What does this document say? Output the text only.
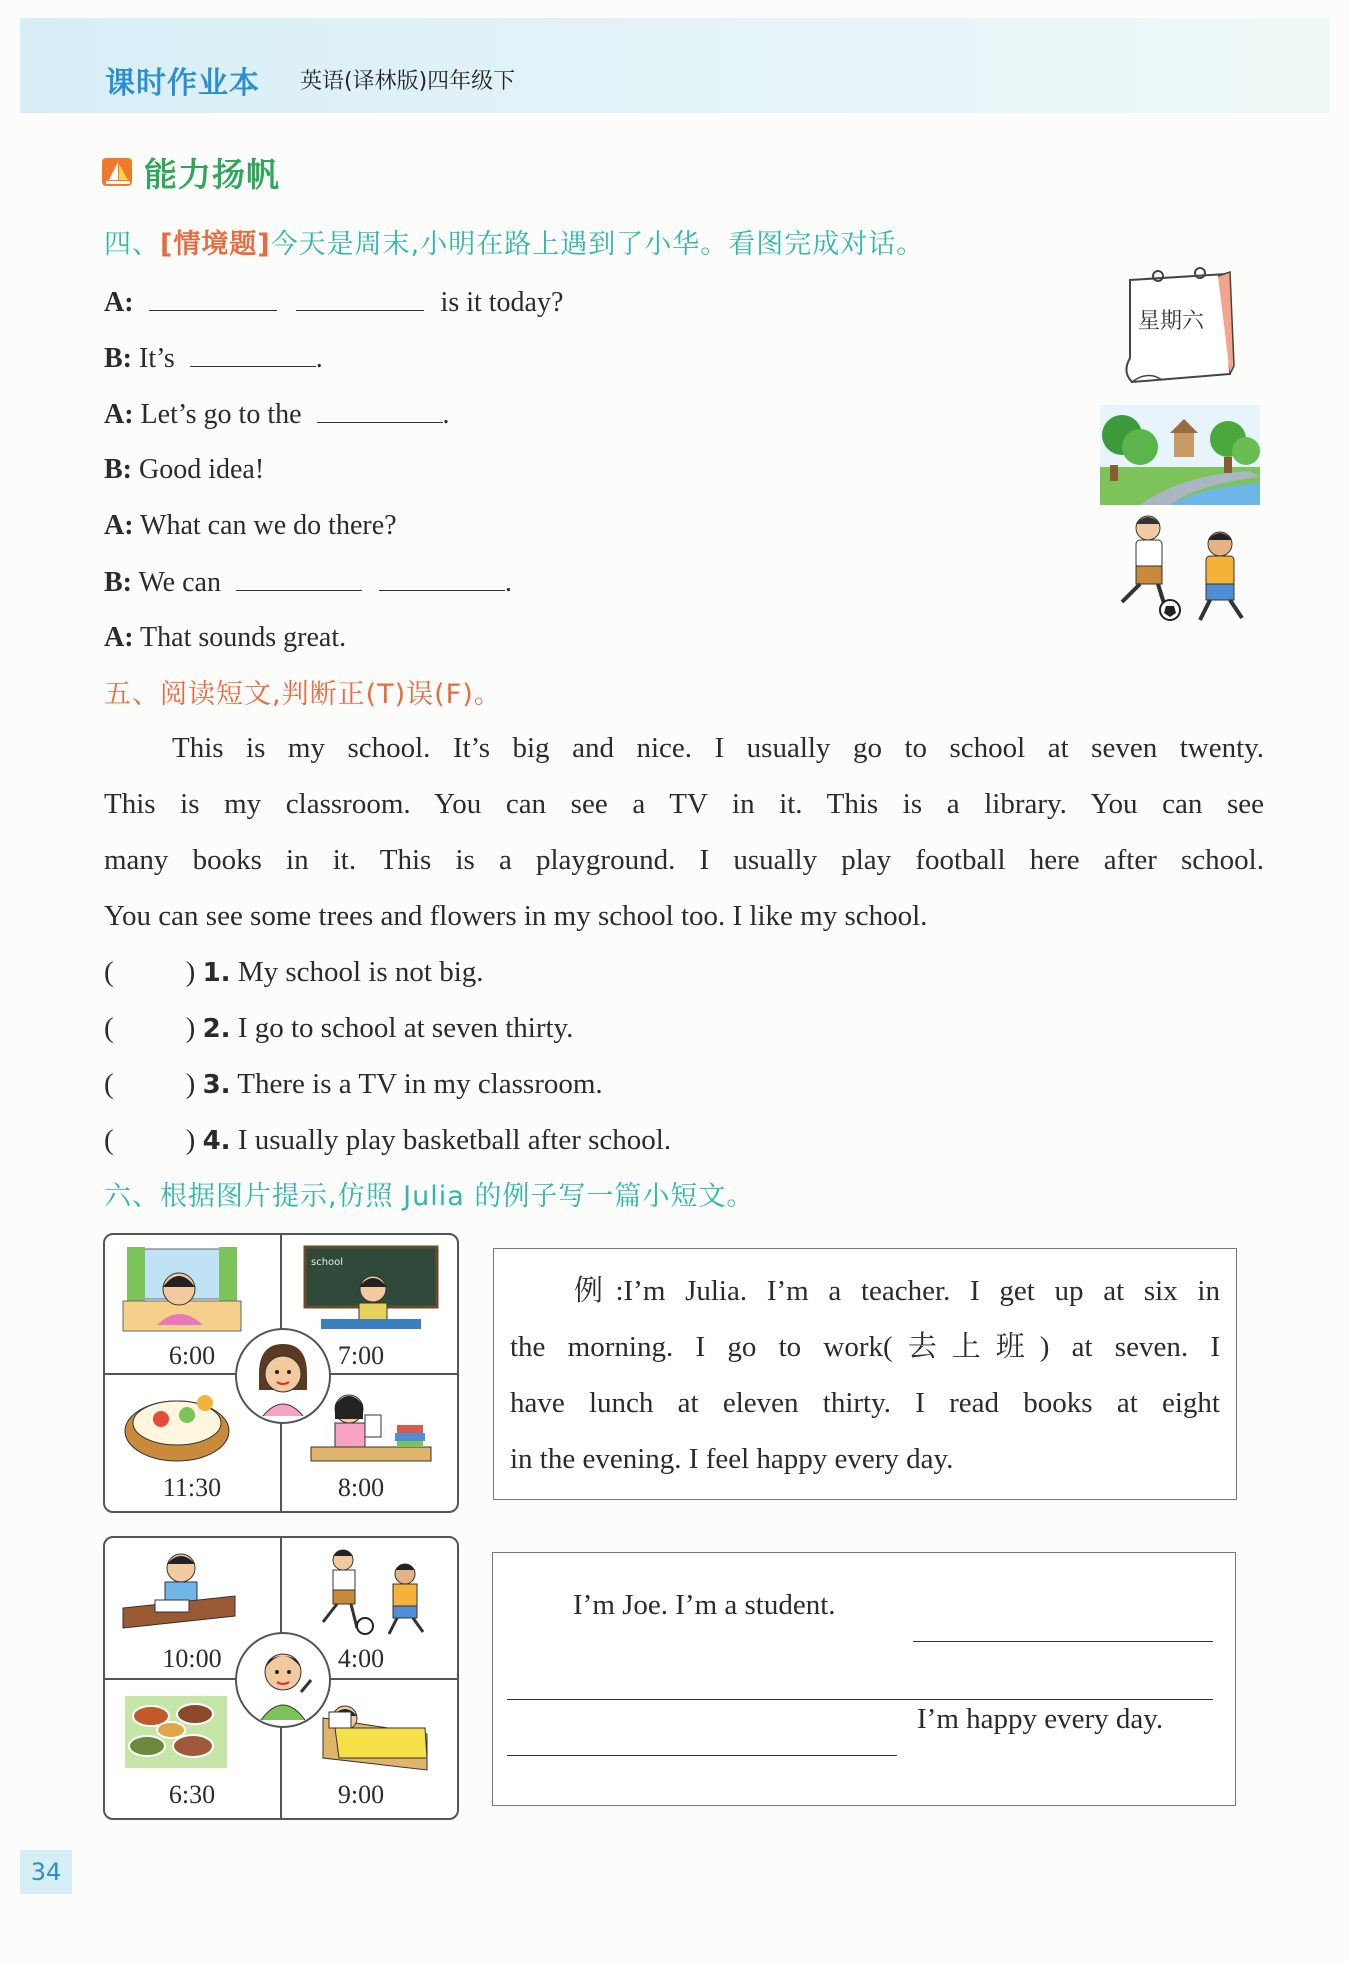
课时作业本 英语(译林版)四年级下
能力扬帆
四、[情境题]今天是周末,小明在路上遇到了小华。看图完成对话。
A:	is it today?
B: It’s	.
A: Let’s go to the	.
B: Good idea!
A: What can we do there?
B: We can	.
A: That sounds great.
星期六
五、阅读短文,判断正(T)误(F)。

This is my school. It’s big and nice. I usually go to school at seven twenty.

This is my classroom. You can see a TV in it. This is a library. You can see

many books in it. This is a playground. I usually play football here after school.

You can see some trees and flowers in my school too. I like my school.

( ) 1. My school is not big.
( ) 2. I go to school at seven thirty.
( ) 3. There is a TV in my classroom.
( ) 4. I usually play basketball after school.
六、根据图片提示,仿照 Julia 的例子写一篇小短文。
6:00
school
7:00
11:30	8:00

例:I’m Julia. I’m a teacher. I get up at six in

the morning. I go to work(去上班) at seven. I

have lunch at eleven thirty. I read books at eight

in the evening. I feel happy every day.

10:00	4:00
6:30	9:00
I’m Joe. I’m a student.
I’m happy every day.
34
